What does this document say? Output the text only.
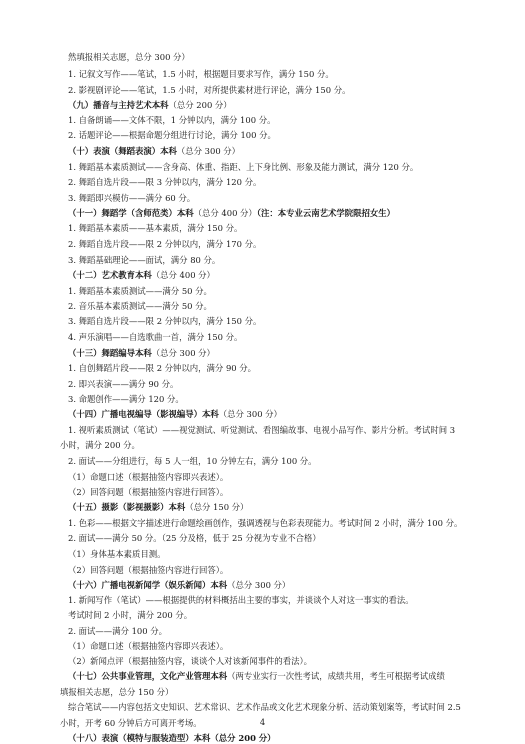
然填报相关志愿，总分 300 分）

1. 记叙文写作——笔试，1.5 小时，根据题目要求写作，满分 150 分。

2. 影视剧评论——笔试，1.5 小时，对所提供素材进行评论，满分 150 分。

（九）播音与主持艺术本科（总分 200 分）

1. 自备朗诵——文体不限，1 分钟以内，满分 100 分。

2. 话题评论——根据命题分组进行讨论，满分 100 分。

（十）表演（舞蹈表演）本科（总分 300 分）

1. 舞蹈基本素质测试——含身高、体重、指距、上下身比例、形象及能力测试，满分 120 分。

2. 舞蹈自选片段——限 3 分钟以内，满分 120 分。

3. 舞蹈即兴模仿——满分 60 分。

（十一）舞蹈学（含师范类）本科（总分 400 分）（注：本专业云南艺术学院限招女生）

1. 舞蹈基本素质——基本素质，满分 150 分。

2. 舞蹈自选片段——限 2 分钟以内，满分 170 分。

3. 舞蹈基础理论——面试，满分 80 分。

（十二）艺术教育本科（总分 400 分）

1. 舞蹈基本素质测试——满分 50 分。

2. 音乐基本素质测试——满分 50 分。

3. 舞蹈自选片段——限 2 分钟以内，满分 150 分。

4. 声乐演唱——自选歌曲一首，满分 150 分。

（十三）舞蹈编导本科（总分 300 分）

1. 自创舞蹈片段——限 2 分钟以内，满分 90 分。

2. 即兴表演——满分 90 分。

3. 命题创作——满分 120 分。

（十四）广播电视编导（影视编导）本科（总分 300 分）

1. 视听素质测试（笔试）——视觉测试、听觉测试、看图编故事、电视小品写作、影片分析。考试时间 3

小时，满分 200 分。

2. 面试——分组进行，每 5 人一组，10 分钟左右，满分 100 分。

（1）命题口述（根据抽签内容即兴表述）。

（2）回答问题（根据抽签内容进行回答）。

（十五）摄影（影视摄影）本科（总分 150 分）

1. 色彩——根据文字描述进行命题绘画创作，强调透视与色彩表现能力。考试时间 2 小时，满分 100 分。

2. 面试——满分 50 分。（25 分及格，低于 25 分视为专业不合格）

（1）身体基本素质目测。

（2）回答问题（根据抽签内容进行回答）。

（十六）广播电视新闻学（娱乐新闻）本科（总分 300 分）

1. 新闻写作（笔试）——根据提供的材料概括出主要的事实，并谈谈个人对这一事实的看法。

考试时间 2 小时，满分 200 分。

2. 面试——满分 100 分。

（1）命题口述（根据抽签内容即兴表述）。

（2）新闻点评（根据抽签内容，谈谈个人对该新闻事件的看法）。

（十七）公共事业管理，文化产业管理本科（两专业实行一次性考试，成绩共用，考生可根据考试成绩

填报相关志愿，总分 150 分）

综合笔试——内容包括文史知识、艺术常识、艺术作品或文化艺术现象分析、活动策划案等，考试时间 2.5

小时，开考 60 分钟后方可离开考场。

（十八）表演（模特与服装造型）本科（总分 200 分）

4
